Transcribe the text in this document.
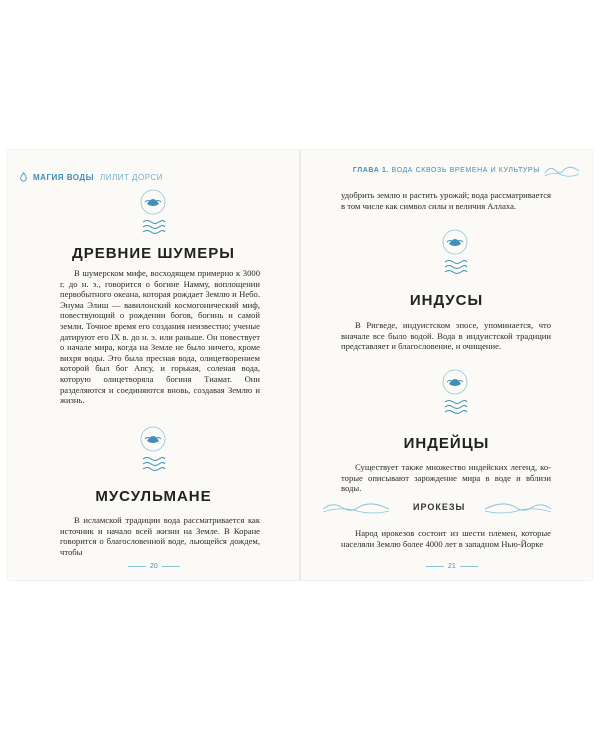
МАГИЯ ВОДЫ ЛИЛИТ ДОРСИ
ДРЕВНИЕ ШУМЕРЫ
В шумерском мифе, восходящем примерно к 3000 г. до н. э., говорится о богине Намму, воплощении первобытного океана, которая рождает Землю и Небо. Энума Элиш — вавилонский космогонический миф, повествующий о рождении богов, богинь и самой земли. Точное время его создания неизвестно; ученые датируют его IX в. до н. э. или раньше. Он повествует о начале мира, когда на Земле не было ничего, кроме вихря воды. Это была пресная вода, олицетворением которой был бог Апсу, и горькая, соленая вода, которую олицетворяла богиня Тиамат. Они разделяются и соединяются вновь, создавая Землю и жизнь.
МУСУЛЬМАНЕ
В исламской традиции вода рассматривается как источник и начало всей жизни на Земле. В Коране говорится о благословенной воде, льющейся дождем, чтобы
20
ГЛАВА 1. ВОДА СКВОЗЬ ВРЕМЕНА И КУЛЬТУРЫ
удобрить землю и растить урожай; вода рассматривается в том числе как символ силы и величия Аллаха.
ИНДУСЫ
В Ригведе, индуистском эпосе, упоминается, что вначале все было водой. Вода в индуистской традиции представляет и благословение, и очищение.
ИНДЕЙЦЫ
Существует также множество индейских легенд, которые описывают зарождение мира в воде и вблизи воды.
ИРОКЕЗЫ
Народ ирокезов состоит из шести племен, которые населяли Землю более 4000 лет в западном Нью-Йорке
21
